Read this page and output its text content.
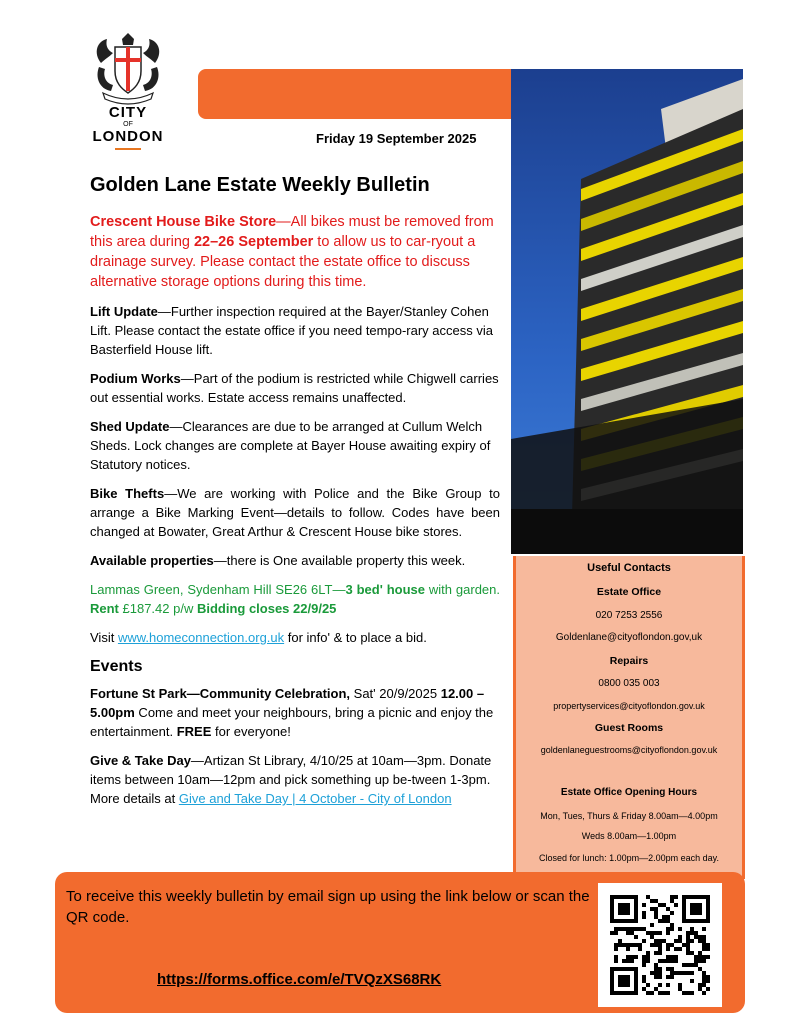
CITY
OF
LONDON	Friday 19 September 2025
Golden Lane Estate Weekly Bulletin

Crescent House Bike Store—All bikes must be removed from this area during 22–26 September to allow us to car-ryout a drainage survey. Please contact the estate office to discuss alternative storage options during this time.

Lift Update—Further inspection required at the Bayer/Stanley Cohen Lift. Please contact the estate office if you need tempo-rary access via Basterfield House lift.

Podium Works—Part of the podium is restricted while Chigwell carries out essential works. Estate access remains unaffected.

Shed Update—Clearances are due to be arranged at Cullum Welch Sheds. Lock changes are complete at Bayer House awaiting expiry of Statutory notices.

Bike Thefts—We are working with Police and the Bike Group to arrange a Bike Marking Event—details to follow. Codes have been changed at Bowater, Great Arthur & Crescent House bike stores.

Available properties—there is One available property this week.

Lammas Green, Sydenham Hill SE26 6LT—3 bed' house with garden. Rent £187.42 p/w Bidding closes 22/9/25

Visit www.homeconnection.org.uk for info' & to place a bid.

Events

Fortune St Park—Community Celebration, Sat' 20/9/2025 12.00 –5.00pm Come and meet your neighbours, bring a picnic and enjoy the entertainment. FREE for everyone!

Give & Take Day—Artizan St Library, 4/10/25 at 10am—3pm. Donate items between 10am—12pm and pick something up be-tween 1-3pm. More details at Give and Take Day | 4 October - City of London

Useful Contacts
Estate Office
020 7253 2556
Goldenlane@cityoflondon.gov,uk
Repairs
0800 035 003
propertyservices@cityoflondon.gov.uk
Guest Rooms
goldenlaneguestrooms@cityoflondon.gov.uk
Estate Office Opening Hours
Mon, Tues, Thurs & Friday 8.00am—4.00pm
Weds 8.00am—1.00pm
Closed for lunch: 1.00pm—2.00pm each day.
To receive this weekly bulletin by email sign up using the link below or scan the QR code.
https://forms.office.com/e/TVQzXS68RK
